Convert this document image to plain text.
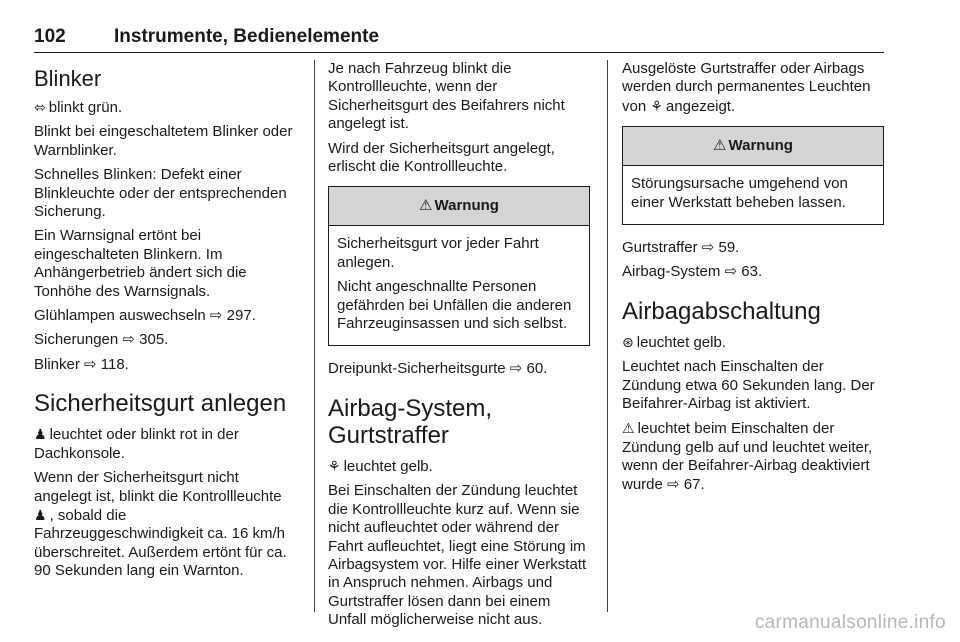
102	Instrumente, Bedienelemente
Blinker

⬄ blinkt grün.

Blinkt bei eingeschaltetem Blinker oder Warnblinker.

Schnelles Blinken: Defekt einer Blinkleuchte oder der entsprechenden Sicherung.

Ein Warnsignal ertönt bei eingeschalteten Blinkern. Im Anhängerbetrieb ändert sich die Tonhöhe des Warnsignals.

Glühlampen auswechseln ⇨ 297.

Sicherungen ⇨ 305.

Blinker ⇨ 118.

Sicherheitsgurt anlegen

♟ leuchtet oder blinkt rot in der Dachkonsole.

Wenn der Sicherheitsgurt nicht angelegt ist, blinkt die Kontrollleuchte ♟ , sobald die Fahrzeuggeschwindigkeit ca. 16 km/h überschreitet. Außerdem ertönt für ca. 90 Sekunden lang ein Warnton.

Je nach Fahrzeug blinkt die Kontrollleuchte, wenn der Sicherheitsgurt des Beifahrers nicht angelegt ist.

Wird der Sicherheitsgurt angelegt, erlischt die Kontrollleuchte.

⚠ Warnung

Sicherheitsgurt vor jeder Fahrt anlegen.

Nicht angeschnallte Personen gefährden bei Unfällen die anderen Fahrzeuginsassen und sich selbst.

Dreipunkt-Sicherheitsgurte ⇨ 60.

Airbag-System, Gurtstraffer

⚘ leuchtet gelb.

Bei Einschalten der Zündung leuchtet die Kontrollleuchte kurz auf. Wenn sie nicht aufleuchtet oder während der Fahrt aufleuchtet, liegt eine Störung im Airbagsystem vor. Hilfe einer Werkstatt in Anspruch nehmen. Airbags und Gurtstraffer lösen dann bei einem Unfall möglicherweise nicht aus.

Ausgelöste Gurtstraffer oder Airbags werden durch permanentes Leuchten von ⚘ angezeigt.

⚠ Warnung

Störungsursache umgehend von einer Werkstatt beheben lassen.

Gurtstraffer ⇨ 59.

Airbag-System ⇨ 63.

Airbagabschaltung

⊛ leuchtet gelb.

Leuchtet nach Einschalten der Zündung etwa 60 Sekunden lang. Der Beifahrer-Airbag ist aktiviert.

⚠ leuchtet beim Einschalten der Zündung gelb auf und leuchtet weiter, wenn der Beifahrer-Airbag deaktiviert wurde ⇨ 67.

carmanualsonline.info
